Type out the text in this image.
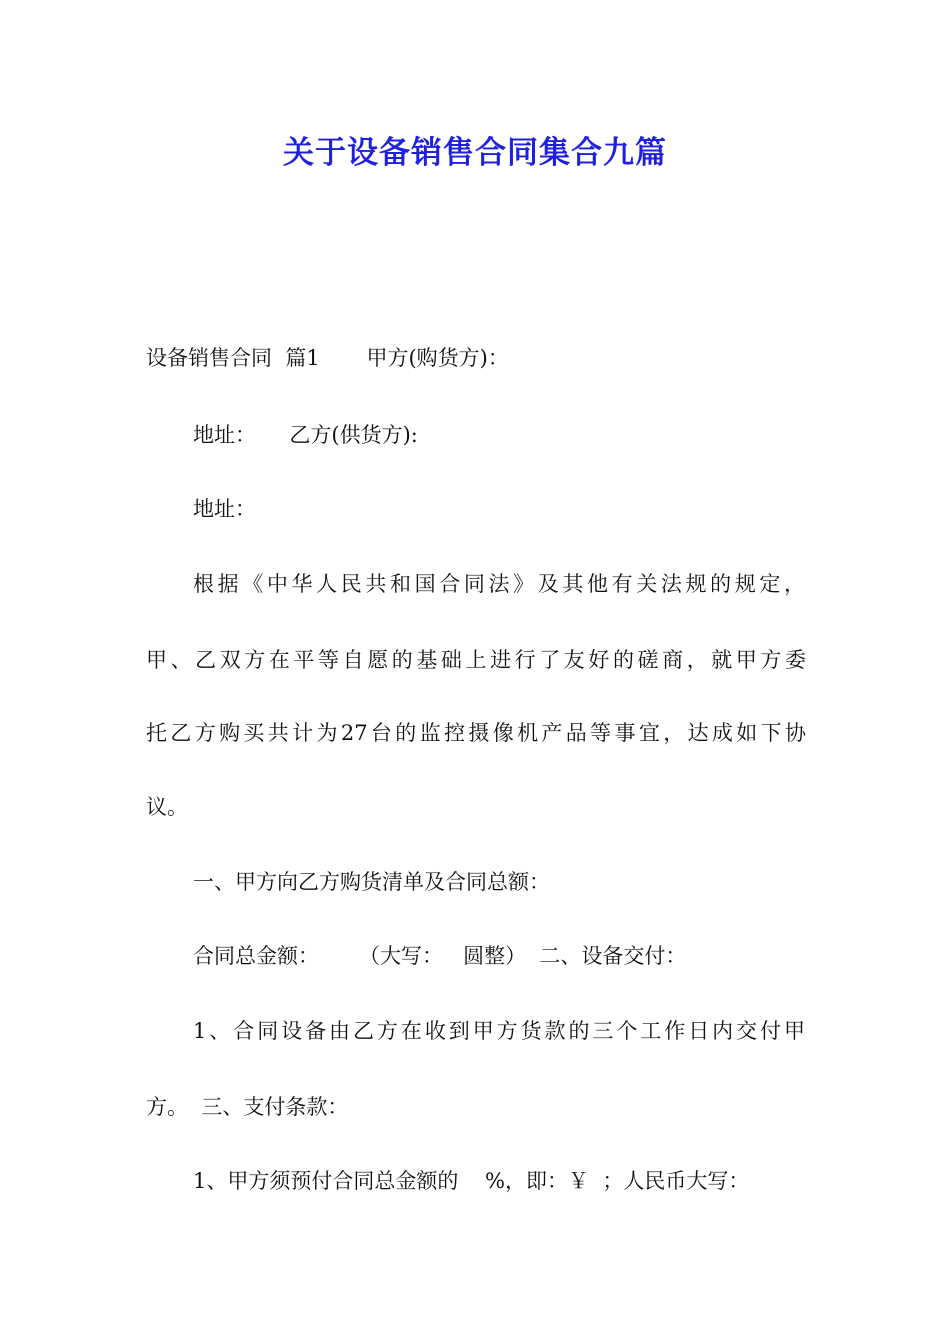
关于设备销售合同集合九篇
设备销售合同  篇1       甲方(购货方)：
地址：     乙方(供货方):
地址：
根据《中华人民共和国合同法》及其他有关法规的规定，
甲、乙双方在平等自愿的基础上进行了友好的磋商，就甲方委
托乙方购买共计为27台的监控摄像机产品等事宜，达成如下协
议。
一、甲方向乙方购货清单及合同总额：
合同总金额：      （大写：   圆整）  二、设备交付：
1、合同设备由乙方在收到甲方货款的三个工作日内交付甲
方。  三、支付条款：
1、甲方须预付合同总金额的    %，即：￥  ；人民币大写：
